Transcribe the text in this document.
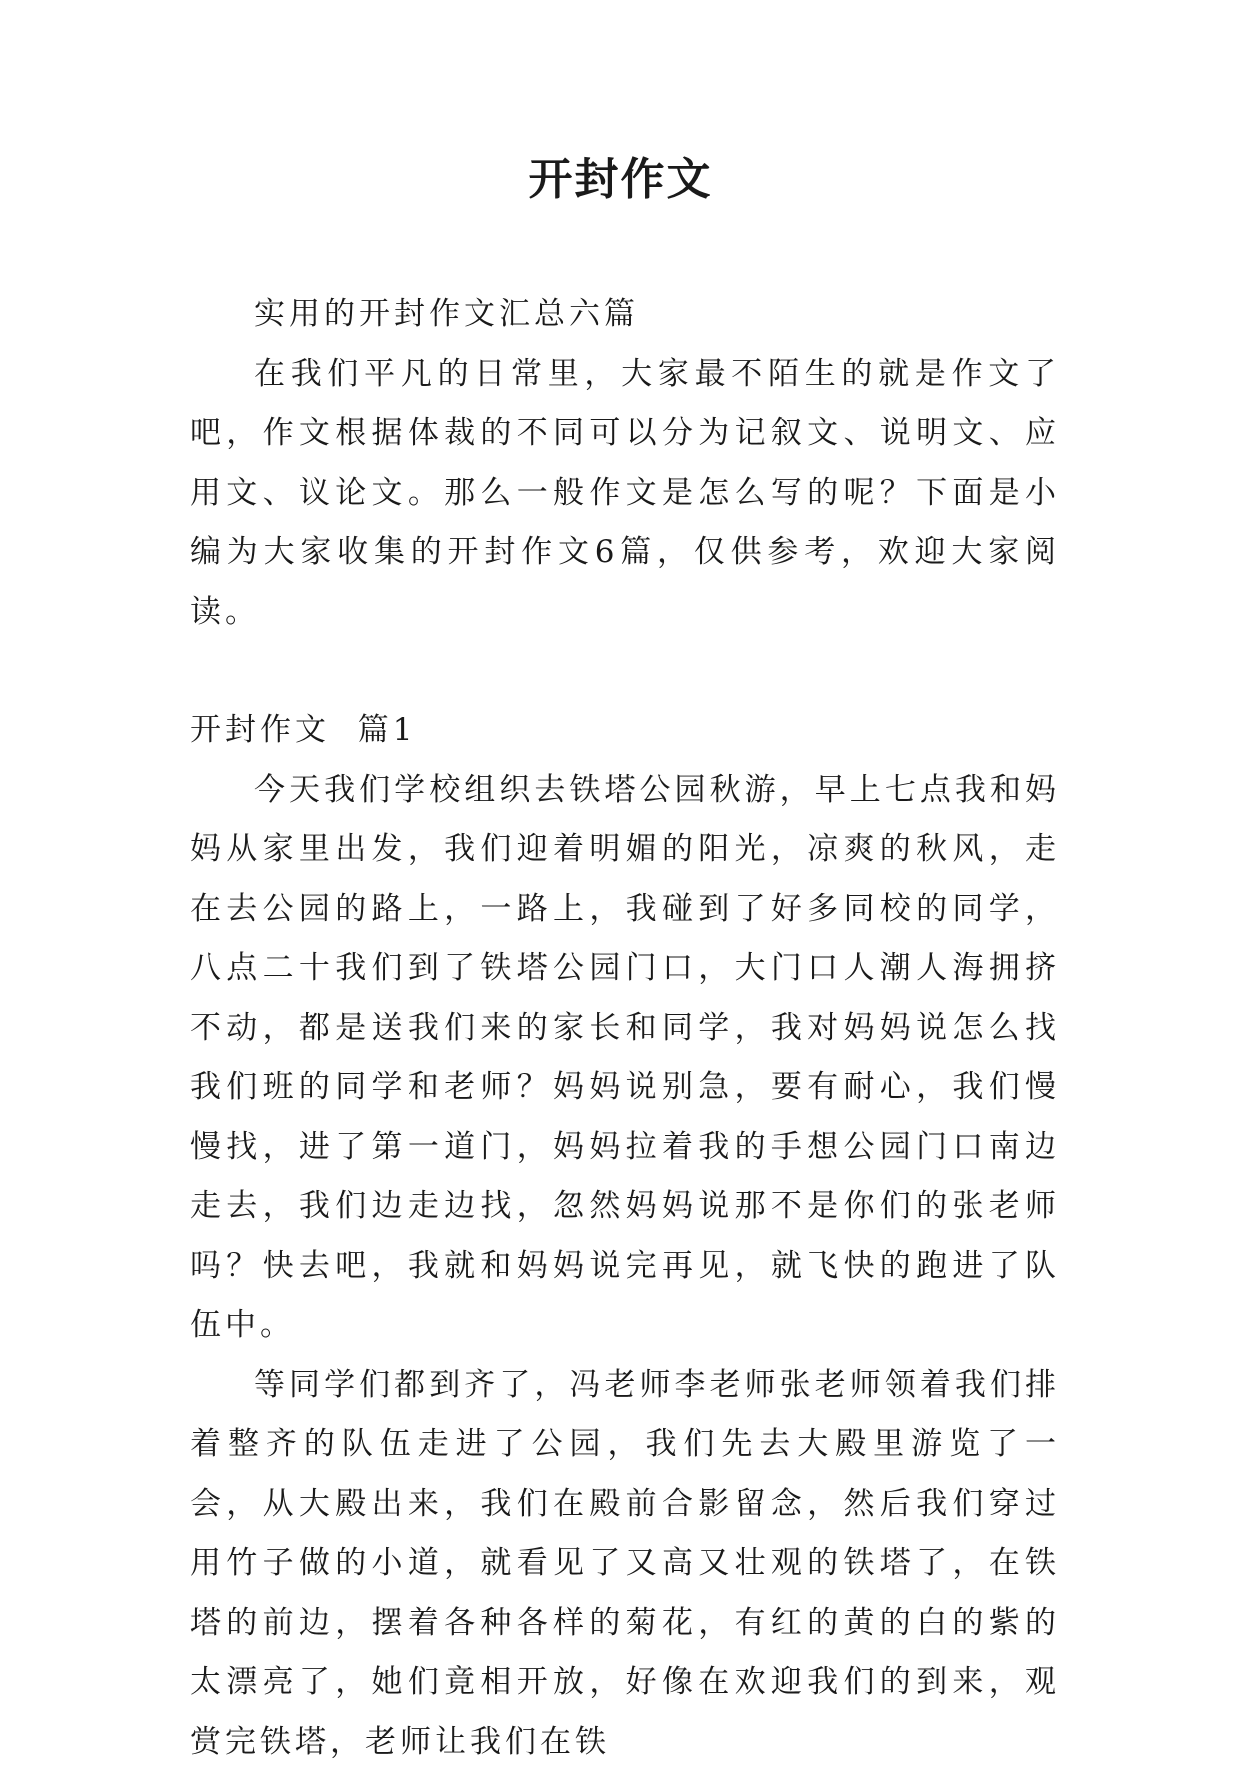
开封作文

实用的开封作文汇总六篇

在我们平凡的日常里，大家最不陌生的就是作文了吧，作文根据体裁的不同可以分为记叙文、说明文、应用文、议论文。那么一般作文是怎么写的呢？下面是小编为大家收集的开封作文6篇，仅供参考，欢迎大家阅读。

开封作文  篇1

今天我们学校组织去铁塔公园秋游，早上七点我和妈妈从家里出发，我们迎着明媚的阳光，凉爽的秋风，走在去公园的路上，一路上，我碰到了好多同校的同学，八点二十我们到了铁塔公园门口，大门口人潮人海拥挤不动，都是送我们来的家长和同学，我对妈妈说怎么找我们班的同学和老师？妈妈说别急，要有耐心，我们慢慢找，进了第一道门，妈妈拉着我的手想公园门口南边走去，我们边走边找，忽然妈妈说那不是你们的张老师吗？快去吧，我就和妈妈说完再见，就飞快的跑进了队伍中。

等同学们都到齐了，冯老师李老师张老师领着我们排着整齐的队伍走进了公园，我们先去大殿里游览了一会，从大殿出来，我们在殿前合影留念，然后我们穿过用竹子做的小道，就看见了又高又壮观的铁塔了，在铁塔的前边，摆着各种各样的菊花，有红的黄的白的紫的太漂亮了，她们竟相开放，好像在欢迎我们的到来，观赏完铁塔，老师让我们在铁
